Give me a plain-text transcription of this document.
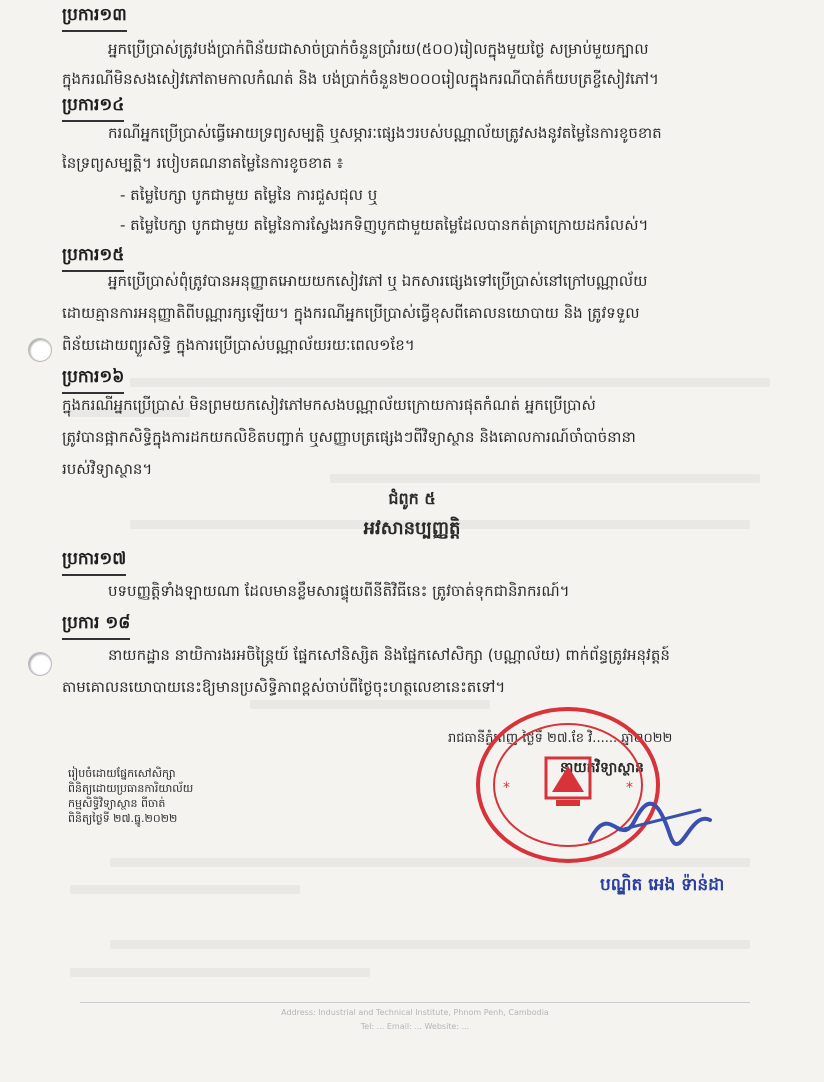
ប្រការ១៣
អ្នកប្រើប្រាស់ត្រូវបង់ប្រាក់ពិន័យជាសាច់ប្រាក់ចំនួនប្រាំរយ(៥០០)រៀលក្នុងមួយថ្ងៃ សម្រាប់មួយក្បាល
ក្នុងករណីមិនសងសៀវភៅតាមកាលកំណត់ និង បង់ប្រាក់ចំនួន២០០០រៀលក្នុងករណីបាត់ក៏យបត្រខ្ចីសៀវភៅ។
ប្រការ១៤
ករណីអ្នកប្រើប្រាស់ធ្វើអោយទ្រព្យសម្បត្តិ ឬសម្ភារៈផ្សេងៗរបស់បណ្ណាល័យត្រូវសងនូវតម្លៃនៃការខូចខាត
នៃទ្រព្យសម្បត្តិ។ របៀបគណនាតម្លៃនៃការខូចខាត ៖
- តម្លៃបៃក្សា បូកជាមួយ តម្លៃនៃ ការជួសជុល ឬ
- តម្លៃបៃក្សា បូកជាមួយ តម្លៃនៃការស្វែងរកទិញបូកជាមួយតម្លៃដែលបានកត់ត្រាក្រោយដករំលស់។
ប្រការ១៥
អ្នកប្រើប្រាស់ពុំត្រូវបានអនុញ្ញាតអោយយកសៀវភៅ ឬ ឯកសារផ្សេងទៅប្រើប្រាស់នៅក្រៅបណ្ណាល័យ
ដោយគ្មានការអនុញ្ញាតិពីបណ្ណារក្សឡើយ។ ក្នុងករណីអ្នកប្រើប្រាស់ធ្វើខុសពីគោលនយោបាយ និង ត្រូវទទួល
ពិន័យដោយព្យួរសិទ្ធិ ក្នុងការប្រើប្រាស់បណ្ណាល័យរយៈពេល១ខែ។
ប្រការ១៦
ក្នុងករណីអ្នកប្រើប្រាស់ មិនព្រមយកសៀវភៅមកសងបណ្ណាល័យក្រោយការផុតកំណត់ អ្នកប្រើប្រាស់
ត្រូវបានផ្អាកសិទ្ធិក្នុងការដកយកលិខិតបញ្ជាក់ ឬសញ្ញាបត្រផ្សេងៗពីវិទ្យាស្ថាន និងគោលការណ៍ចាំបាច់នានា
របស់វិទ្យាស្ថាន។
ជំពូក ៥
អវសានប្បញ្ញត្តិ
ប្រការ១៧
បទបញ្ញត្តិទាំងឡាយណា ដែលមានខ្លឹមសារផ្ទុយពីនីតិវិធីនេះ ត្រូវចាត់ទុកជានិរាករណ៍។
ប្រការ ១៨
នាយកដ្ឋាន នាយិការងរអចិន្ត្រៃយ៍ ផ្នែកសៅនិស្សិត និងផ្នែកសៅសិក្សា (បណ្ណាល័យ) ពាក់ព័ន្ធត្រូវអនុវត្តន៍
តាមគោលនយោបាយនេះឱ្យមានប្រសិទ្ធិភាពខ្ពស់ចាប់ពីថ្ងៃចុះហត្ថលេខានេះតទៅ។
រាជធានីភ្នំពេញ ថ្ងៃទី ២៧.ខែ វិ...... ឆ្នាំ២០២២
នាយកវិទ្យាស្ថាន
រៀបចំដោយផ្នែកសៅសិក្សា
ពិនិត្យដោយប្រធានការិយាល័យ
កម្មសិទ្ធិវិទ្យាស្ថាន ពីចាត់
ពិនិត្យថ្ងៃទី ២៧.ធ្នូ.២០២២
*	*
បណ្ឌិត អេង ទ៉ាន់ដា
Address: Industrial and Technical Institute, Phnom Penh, Cambodia
Tel: ... Email: ... Website: ...
